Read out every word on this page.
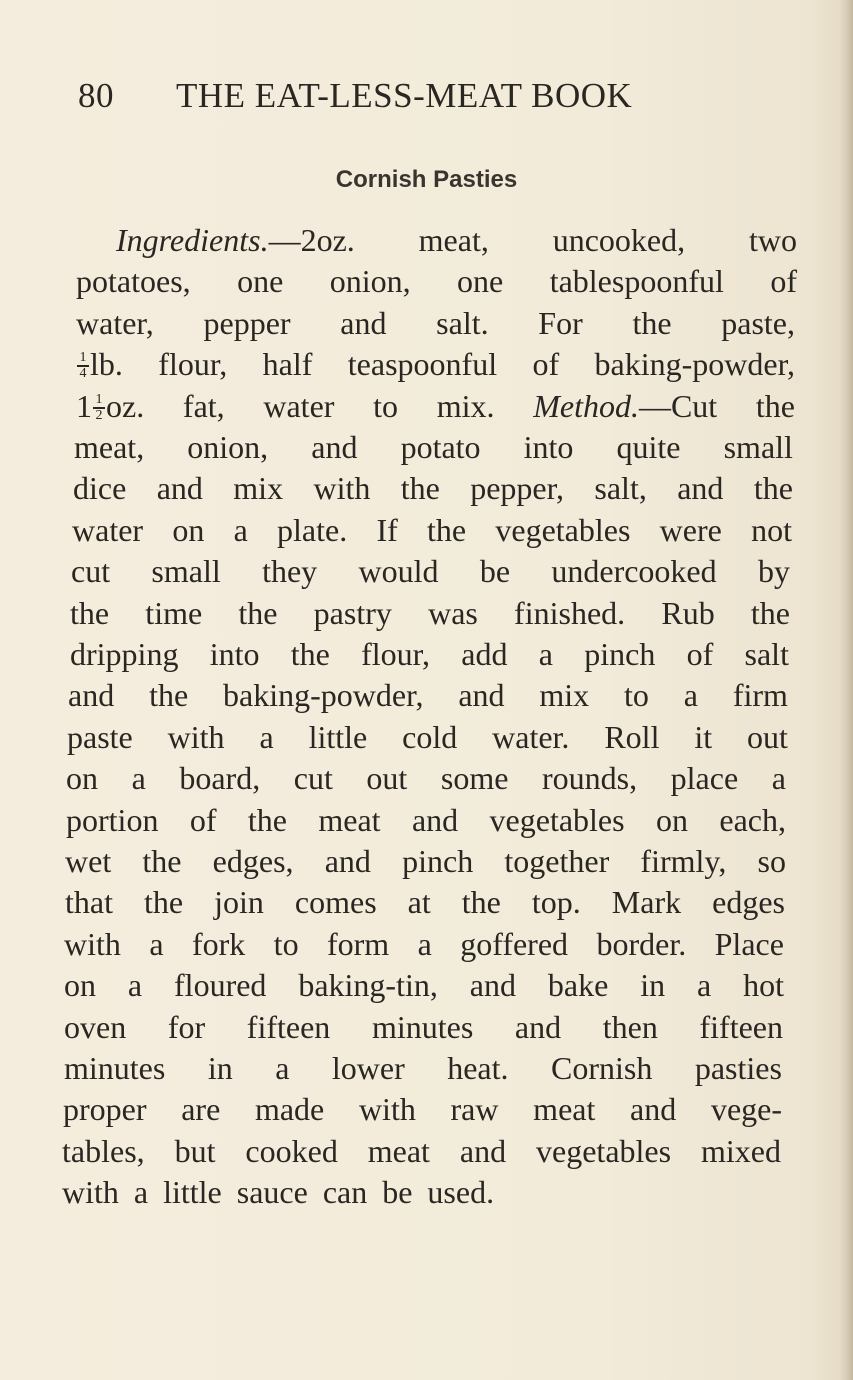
80 THE EAT-LESS-MEAT BOOK
Cornish Pasties
Ingredients.—2oz. meat, uncooked, two
potatoes, one onion, one tablespoonful of
water, pepper and salt. For the paste,
$\frac{1}{4}$ lb. flour, half teaspoonful of baking-powder,
$1 \frac{1}{2}$ oz. fat, water to mix. Method.—Cut the
meat, onion, and potato into quite small
dice and mix with the pepper, salt, and the
water on a plate. If the vegetables were not
cut small they would be undercooked by
the time the pastry was finished. Rub the
dripping into the flour, add a pinch of salt
and the baking-powder, and mix to a firm
paste with a little cold water. Roll it out
on a board, cut out some rounds, place a
portion of the meat and vegetables on each,
wet the edges, and pinch together firmly, so
that the join comes at the top. Mark edges
with a fork to form a goffered border. Place
on a floured baking-tin, and bake in a hot
oven for fifteen minutes and then fifteen
minutes in a lower heat. Cornish pasties
proper are made with raw meat and vege-
tables, but cooked meat and vegetables mixed
with a little sauce can be used.
